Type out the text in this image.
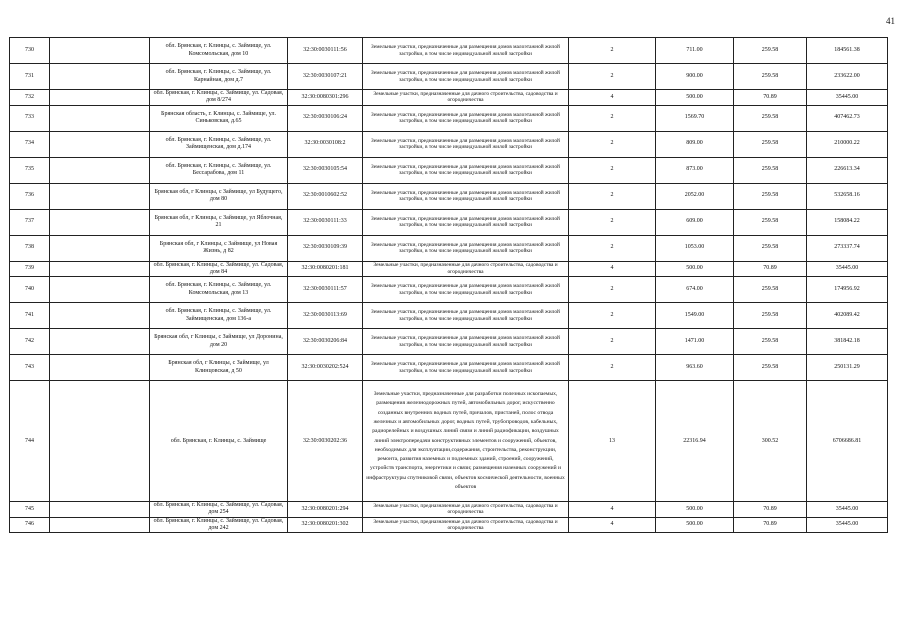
41
730		обл. Брянская, г. Клинцы, с. Займище, ул. Комсомольская, дом 10	32:30:0030111:56	Земельные участки, предназначенные для размещения домов малоэтажной жилой застройки, в том числе индивидуальной жилой застройки	2	711.00	259.58	184561.38
731		обл. Брянская, г. Клинцы, с. Займище, ул. Карнайная, дом д.7	32:30:0030107:21	Земельные участки, предназначенные для размещения домов малоэтажной жилой застройки, в том числе индивидуальной жилой застройки	2	900.00	259.58	233622.00
732		обл. Брянская, г. Клинцы, с. Займище, ул. Садовая, дом 8/274	32:30:0080301:296	Земельные участки, предназначенные для дачного строительства, садоводства и огородничества	4	500.00	70.89	35445.00
733		Брянская область, г. Клинцы, с. Займище, ул. Синьковская, д.65	32:30:0030106:24	Земельные участки, предназначенные для размещения домов малоэтажной жилой застройки, в том числе индивидуальной жилой застройки	2	1569.70	259.58	407462.73
734		обл. Брянская, г. Клинцы, с. Займище, ул. Займищенская, дом д.174	32:30:0030108:2	Земельные участки, предназначенные для размещения домов малоэтажной жилой застройки, в том числе индивидуальной жилой застройки	2	809.00	259.58	210000.22
735		обл. Брянская, г. Клинцы, с. Займище, ул. Бессарабова, дом 11	32:30:0030105:54	Земельные участки, предназначенные для размещения домов малоэтажной жилой застройки, в том числе индивидуальной жилой застройки	2	873.00	259.58	226613.34
736		Брянская обл, г Клинцы, с Займище, ул Будущего, дом 80	32:30:0010602:52	Земельные участки, предназначенные для размещения домов малоэтажной жилой застройки, в том числе индивидуальной жилой застройки	2	2052.00	259.58	532658.16
737		Брянская обл, г Клинцы, с Займище, ул Яблочная, 21	32:30:0030111:33	Земельные участки, предназначенные для размещения домов малоэтажной жилой застройки, в том числе индивидуальной жилой застройки	2	609.00	259.58	158084.22
738		Брянская обл, г Клинцы, с Займище, ул Новая Жизнь, д 82	32:30:0030109:39	Земельные участки, предназначенные для размещения домов малоэтажной жилой застройки, в том числе индивидуальной жилой застройки	2	1053.00	259.58	273337.74
739		обл. Брянская, г. Клинцы, с. Займище, ул. Садовая, дом 84	32:30:0080201:181	Земельные участки, предназначенные для дачного строительства, садоводства и огородничества	4	500.00	70.89	35445.00
740		обл. Брянская, г. Клинцы, с. Займище, ул. Комсомольская, дом 13	32:30:0030111:57	Земельные участки, предназначенные для размещения домов малоэтажной жилой застройки, в том числе индивидуальной жилой застройки	2	674.00	259.58	174956.92
741		обл. Брянская, г. Клинцы, с. Займище, ул. Займищенская, дом 136-а	32:30:0030113:69	Земельные участки, предназначенные для размещения домов малоэтажной жилой застройки, в том числе индивидуальной жилой застройки	2	1549.00	259.58	402089.42
742		Брянская обл, г Клинцы, с Займище, ул Доронина, дом 20	32:30:0030206:84	Земельные участки, предназначенные для размещения домов малоэтажной жилой застройки, в том числе индивидуальной жилой застройки	2	1471.00	259.58	381842.18
743		Брянская обл, г Клинцы, с Займище, ул Клинцовская, д 50	32:30:0030202:524	Земельные участки, предназначенные для размещения домов малоэтажной жилой застройки, в том числе индивидуальной жилой застройки	2	963.60	259.58	250131.29
744		обл. Брянская, г. Клинцы, с. Займище	32:30:0030202:36	Земельные участки, предназначенные для разработки полезных ископаемых, размещения железнодорожных путей, автомобильных дорог, искусственно созданных внутренних водных путей, причалов, пристаней, полос отвода железных и автомобильных дорог, водных путей, трубопроводов, кабельных, радиорелейных и воздушных линий связи и линий радиофикации, воздушных линий электропередачи конструктивных элементов и сооружений, объектов, необходимых для эксплуатации,содержания, строительства, реконструкции, ремонта, развития наземных и подземных зданий, строений, сооружений, устройств транспорта, энергетики и связи; размещения наземных сооружений и инфраструктуры спутниковой связи, объектов космической деятельности, военных объектов	13	22316.94	300.52	6706686.81
745		обл. Брянская, г. Клинцы, с. Займище, ул. Садовая, дом 254	32:30:0080201:294	Земельные участки, предназначенные для дачного строительства, садоводства и огородничества	4	500.00	70.89	35445.00
746		обл. Брянская, г. Клинцы, с. Займище, ул. Садовая, дом 242	32:30:0080201:302	Земельные участки, предназначенные для дачного строительства, садоводства и огородничества	4	500.00	70.89	35445.00
